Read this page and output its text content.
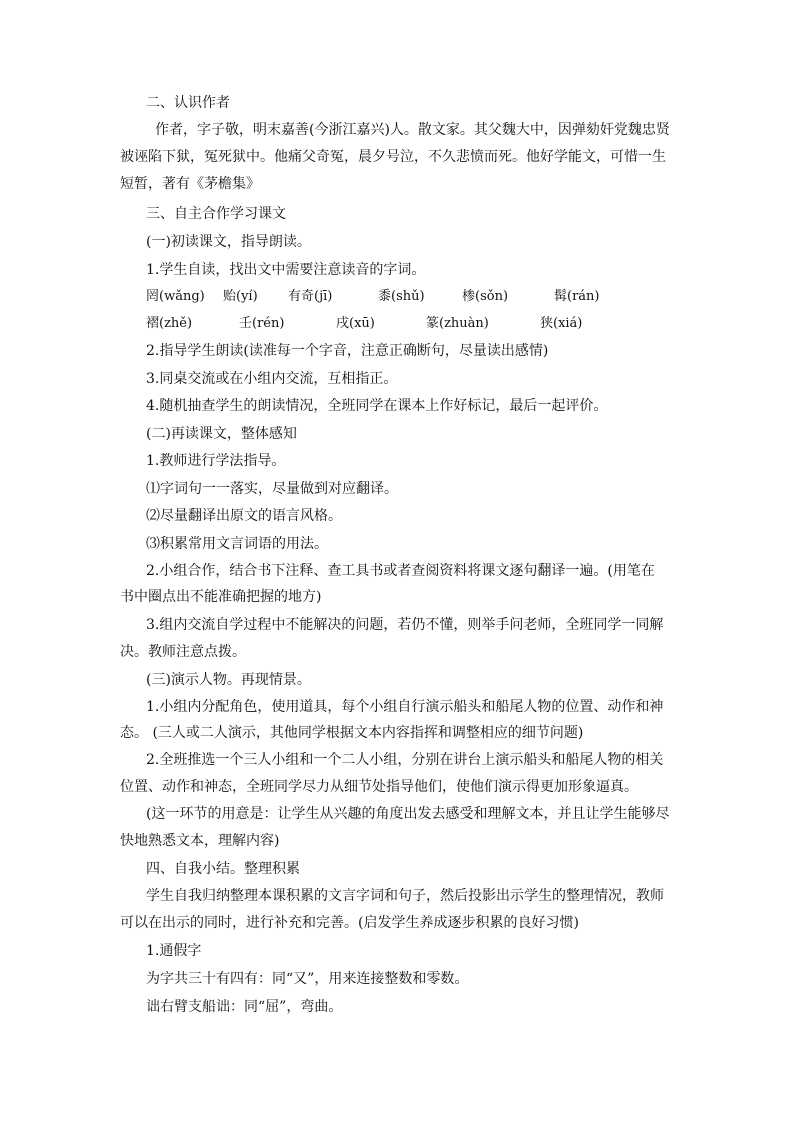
二、认识作者
作者，字子敬，明末嘉善(今浙江嘉兴)人。散文家。其父魏大中，因弹劾奸党魏忠贤
被诬陷下狱，冤死狱中。他痛父奇冤，晨夕号泣，不久悲愤而死。他好学能文，可惜一生
短暂，著有《茅檐集》
三、自主合作学习课文
(一)初读课文，指导朗读。
1.学生自读，找出文中需要注意读音的字词。
罔(wǎng) 贻(yí) 有奇(jī)	黍(shǔ)	椮(sǒn)	髯(rán)
褶(zhě)	壬(rén)	戌(xū)	篆(zhuàn)	狭(xiá)
2.指导学生朗读(读准每一个字音，注意正确断句，尽量读出感情)
3.同桌交流或在小组内交流，互相指正。
4.随机抽查学生的朗读情况，全班同学在课本上作好标记，最后一起评价。
(二)再读课文，整体感知
1.教师进行学法指导。
⑴字词句一一落实，尽量做到对应翻译。
⑵尽量翻译出原文的语言风格。
⑶积累常用文言词语的用法。
2.小组合作，结合书下注释、查工具书或者查阅资料将课文逐句翻译一遍。(用笔在
书中圈点出不能准确把握的地方)
3.组内交流自学过程中不能解决的问题，若仍不懂，则举手问老师，全班同学一同解
决。教师注意点拨。
(三)演示人物。再现情景。
1.小组内分配角色，使用道具，每个小组自行演示船头和船尾人物的位置、动作和神
态。 (三人或二人演示，其他同学根据文本内容指挥和调整相应的细节问题)
2.全班推选一个三人小组和一个二人小组，分别在讲台上演示船头和船尾人物的相关
位置、动作和神态，全班同学尽力从细节处指导他们，使他们演示得更加形象逼真。
(这一环节的用意是：让学生从兴趣的角度出发去感受和理解文本，并且让学生能够尽
快地熟悉文本，理解内容)
四、自我小结。整理积累
学生自我归纳整理本课积累的文言字词和句子，然后投影出示学生的整理情况，教师
可以在出示的同时，进行补充和完善。(启发学生养成逐步积累的良好习惯)
1.通假字
为字共三十有四有：同“又”，用来连接整数和零数。
诎右臂支船诎：同“屈”，弯曲。
